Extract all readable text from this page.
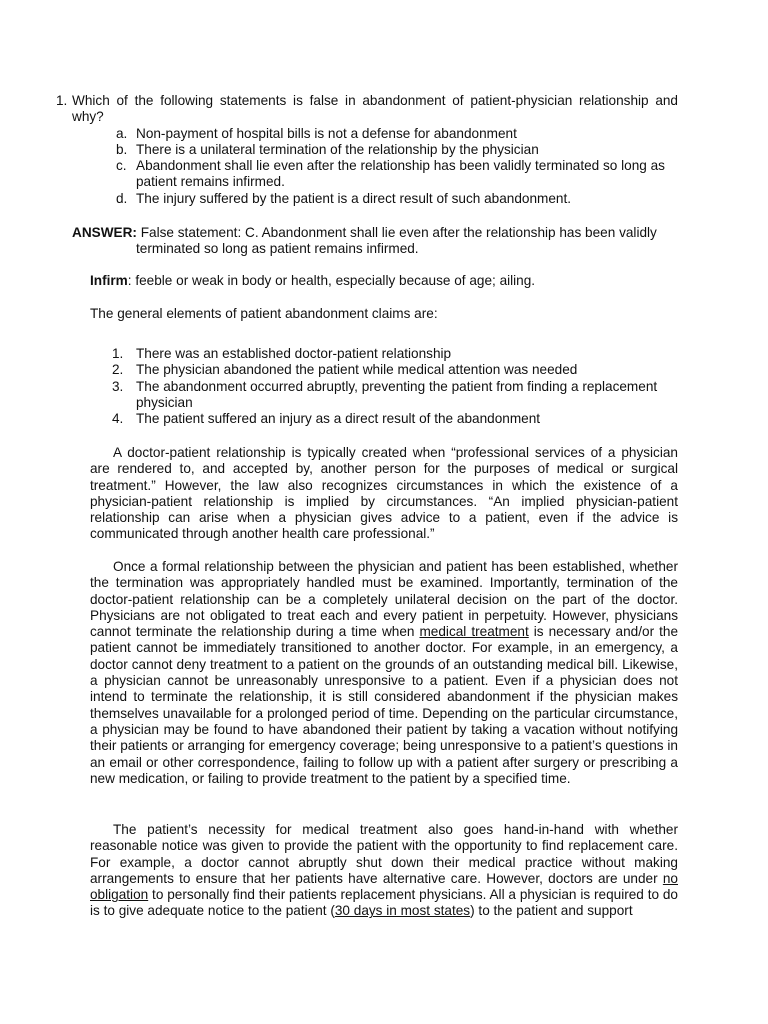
1. Which of the following statements is false in abandonment of patient-physician relationship and why?
a. Non-payment of hospital bills is not a defense for abandonment
b. There is a unilateral termination of the relationship by the physician
c. Abandonment shall lie even after the relationship has been validly terminated so long as patient remains infirmed.
d. The injury suffered by the patient is a direct result of such abandonment.
ANSWER: False statement: C. Abandonment shall lie even after the relationship has been validly
terminated so long as patient remains infirmed.
Infirm: feeble or weak in body or health, especially because of age; ailing.
The general elements of patient abandonment claims are:
1. There was an established doctor-patient relationship
2. The physician abandoned the patient while medical attention was needed
3. The abandonment occurred abruptly, preventing the patient from finding a replacement physician
4. The patient suffered an injury as a direct result of the abandonment

A doctor-patient relationship is typically created when “professional services of a physician are rendered to, and accepted by, another person for the purposes of medical or surgical treatment.” However, the law also recognizes circumstances in which the existence of a physician-patient relationship is implied by circumstances. “An implied physician-patient relationship can arise when a physician gives advice to a patient, even if the advice is communicated through another health care professional.”

Once a formal relationship between the physician and patient has been established, whether the termination was appropriately handled must be examined. Importantly, termination of the doctor-patient relationship can be a completely unilateral decision on the part of the doctor. Physicians are not obligated to treat each and every patient in perpetuity. However, physicians cannot terminate the relationship during a time when medical treatment is necessary and/or the patient cannot be immediately transitioned to another doctor. For example, in an emergency, a doctor cannot deny treatment to a patient on the grounds of an outstanding medical bill. Likewise, a physician cannot be unreasonably unresponsive to a patient. Even if a physician does not intend to terminate the relationship, it is still considered abandonment if the physician makes themselves unavailable for a prolonged period of time. Depending on the particular circumstance, a physician may be found to have abandoned their patient by taking a vacation without notifying their patients or arranging for emergency coverage; being unresponsive to a patient’s questions in an email or other correspondence, failing to follow up with a patient after surgery or prescribing a new medication, or failing to provide treatment to the patient by a specified time.

The patient’s necessity for medical treatment also goes hand-in-hand with whether reasonable notice was given to provide the patient with the opportunity to find replacement care. For example, a doctor cannot abruptly shut down their medical practice without making arrangements to ensure that her patients have alternative care. However, doctors are under no obligation to personally find their patients replacement physicians. All a physician is required to do is to give adequate notice to the patient (30 days in most states) to the patient and support
